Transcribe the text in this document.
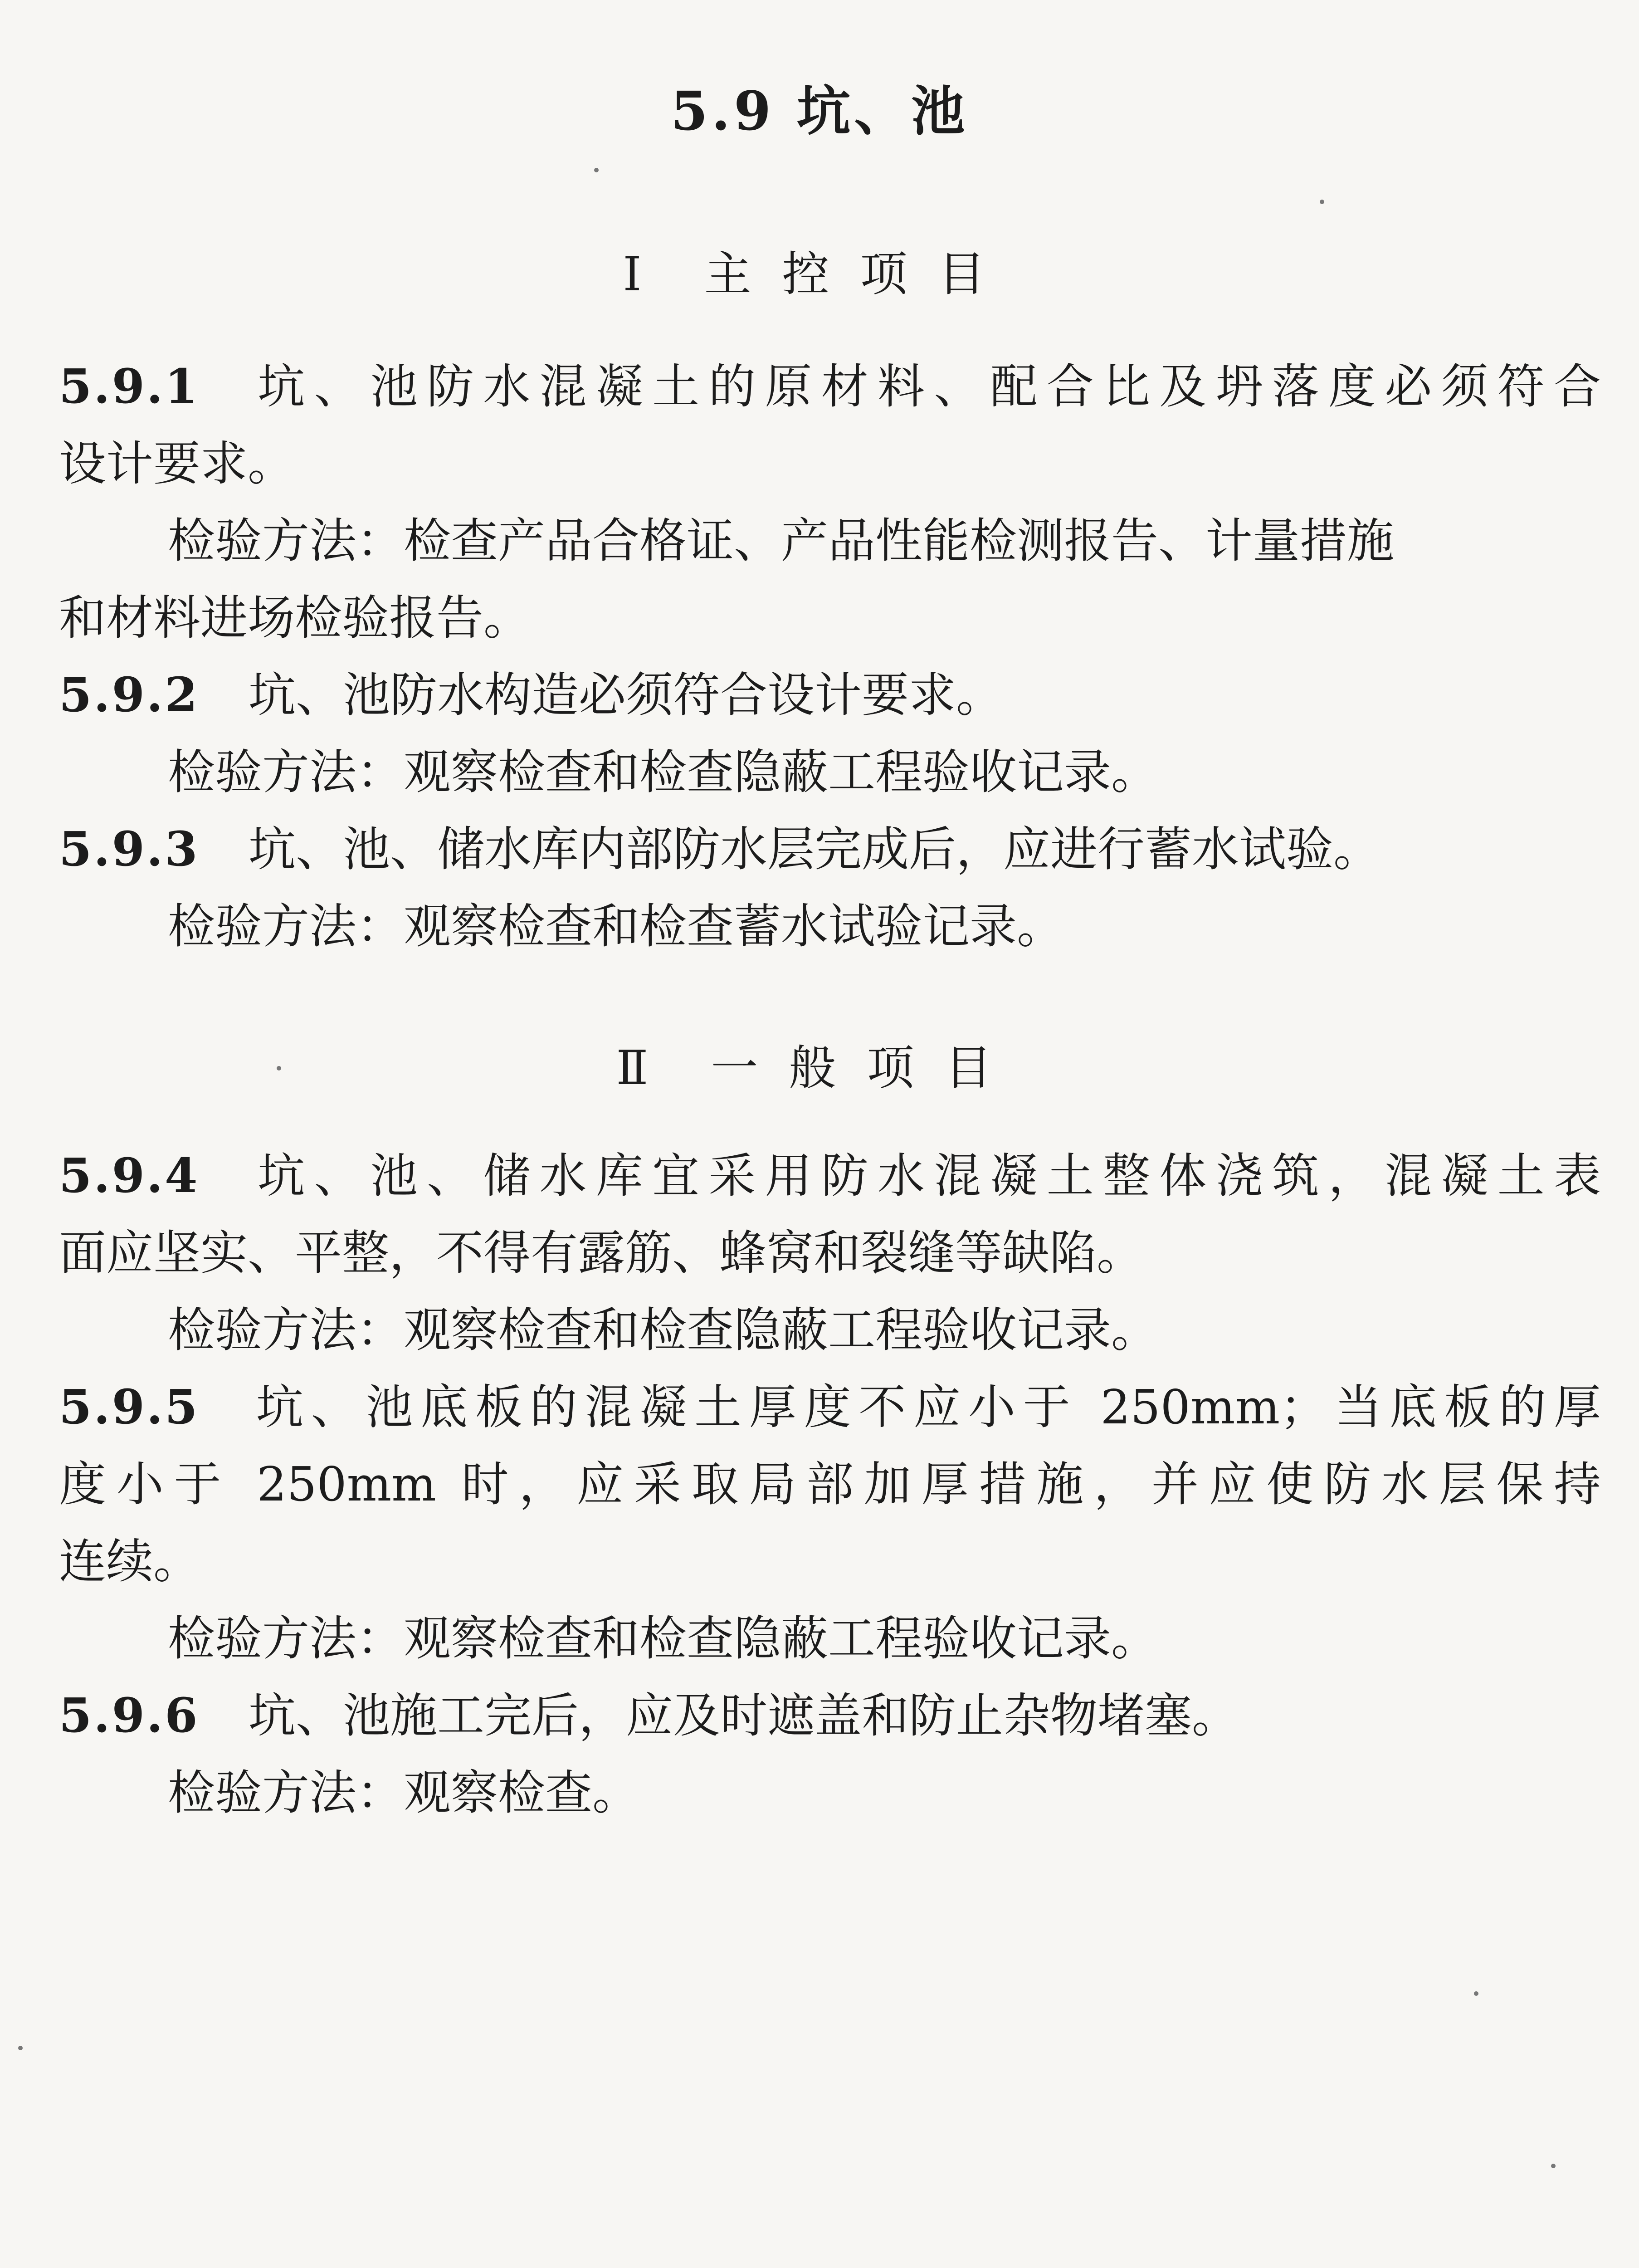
5.9 坑、池
Ⅰ 主控项目
5.9.1 坑、池防水混凝土的原材料、配合比及坍落度必须符合
设计要求。
检验方法：检查产品合格证、产品性能检测报告、计量措施
和材料进场检验报告。
5.9.2 坑、池防水构造必须符合设计要求。
检验方法：观察检查和检查隐蔽工程验收记录。
5.9.3 坑、池、储水库内部防水层完成后，应进行蓄水试验。
检验方法：观察检查和检查蓄水试验记录。
Ⅱ 一般项目
5.9.4 坑、池、储水库宜采用防水混凝土整体浇筑，混凝土表
面应坚实、平整，不得有露筋、蜂窝和裂缝等缺陷。
检验方法：观察检查和检查隐蔽工程验收记录。
5.9.5 坑、池底板的混凝土厚度不应小于 250mm；当底板的厚
度小于 250mm 时，应采取局部加厚措施，并应使防水层保持
连续。
检验方法：观察检查和检查隐蔽工程验收记录。
5.9.6 坑、池施工完后，应及时遮盖和防止杂物堵塞。
检验方法：观察检查。
